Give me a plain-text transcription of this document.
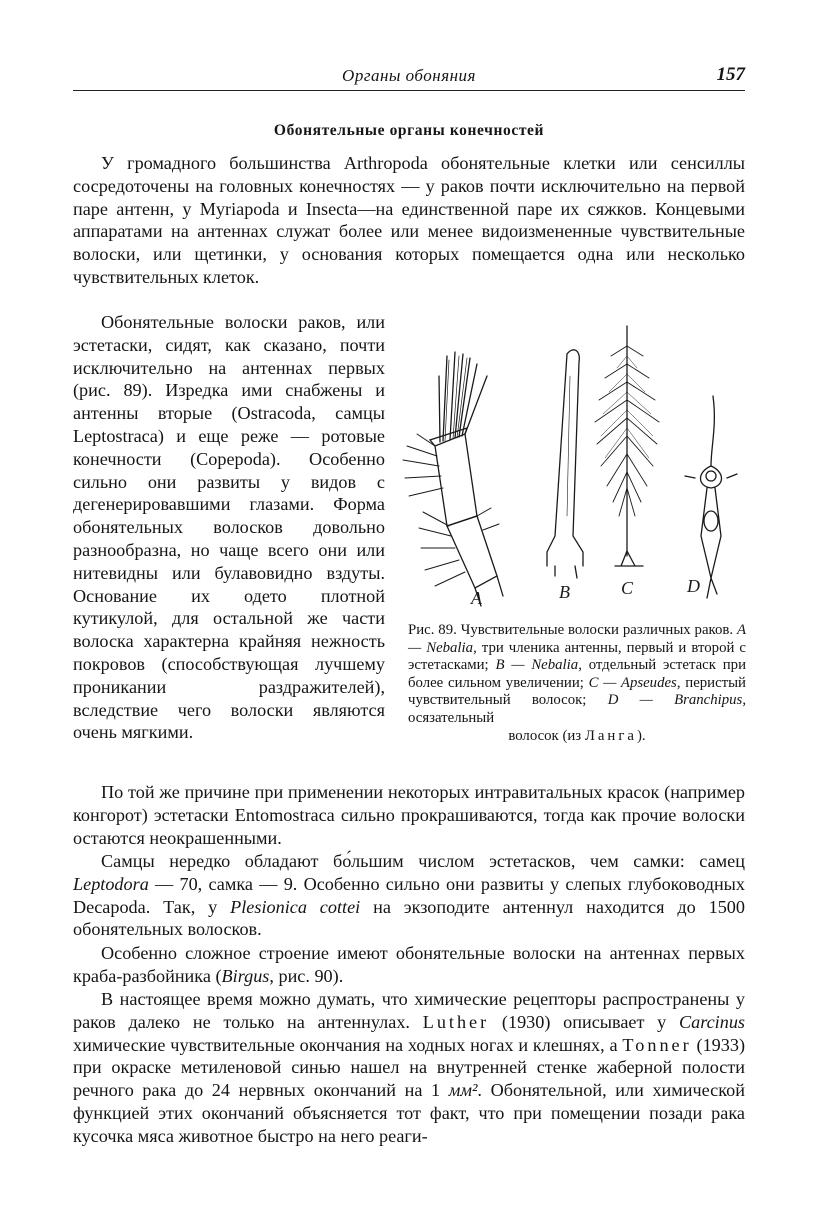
Органы обоняния	157
Обонятельные органы конечностей

У громадного большинства Arthropoda обонятельные клетки или сенсиллы сосредоточены на головных конечностях — у раков почти исключительно на первой паре антенн, у Myriapoda и Insecta—на единственной паре их сяжков. Концевыми аппаратами на антеннах служат более или менее видоизмененные чувствительные волоски, или щетинки, у основания которых помещается одна или несколько чувствительных клеток.

Обонятельные волоски раков, или эстетаски, сидят, как сказано, почти исключительно на антеннах первых (рис. 89). Изредка ими снабжены и антенны вторые (Ostracoda, самцы Leptostraca) и еще реже — ротовые конечности (Copepoda). Особенно сильно они развиты у видов с дегенерировавшими глазами. Форма обонятельных волосков довольно разнообразна, но чаще всего они или нитевидны или булавовидно вздуты. Основание их одето плотной кутикулой, для остальной же части волоска характерна крайняя нежность покровов (способствующая лучшему проникании раздражителей), вследствие чего волоски являются очень мягкими.

A	B	C	D
Рис. 89. Чувствительные волоски различных раков. A — Nebalia, три членика антенны, первый и второй с эстетасками; B — Nebalia, отдельный эстетаск при более сильном увеличении; C — Apseudes, перистый чувствительный волосок; D — Branchipus, осязательный
волосок (из Ланга).

По той же причине при применении некоторых интравитальных красок (например конгорот) эстетаски Entomostraca сильно прокрашиваются, тогда как прочие волоски остаются неокрашенными.

Самцы нередко обладают бо́льшим числом эстетасков, чем самки: самец Leptodora — 70, самка — 9. Особенно сильно они развиты у слепых глубоководных Decapoda. Так, у Plesionica cottei на экзоподите антеннул находится до 1500 обонятельных волосков.

Особенно сложное строение имеют обонятельные волоски на антеннах первых краба-разбойника (Birgus, рис. 90).

В настоящее время можно думать, что химические рецепторы распространены у раков далеко не только на антеннулах. Luther (1930) описывает у Carcinus химические чувствительные окончания на ходных ногах и клешнях, а Tonner (1933) при окраске метиленовой синью нашел на внутренней стенке жаберной полости речного рака до 24 нервных окончаний на 1 мм². Обонятельной, или химической функцией этих окончаний объясняется тот факт, что при помещении позади рака кусочка мяса животное быстро на него реаги-
